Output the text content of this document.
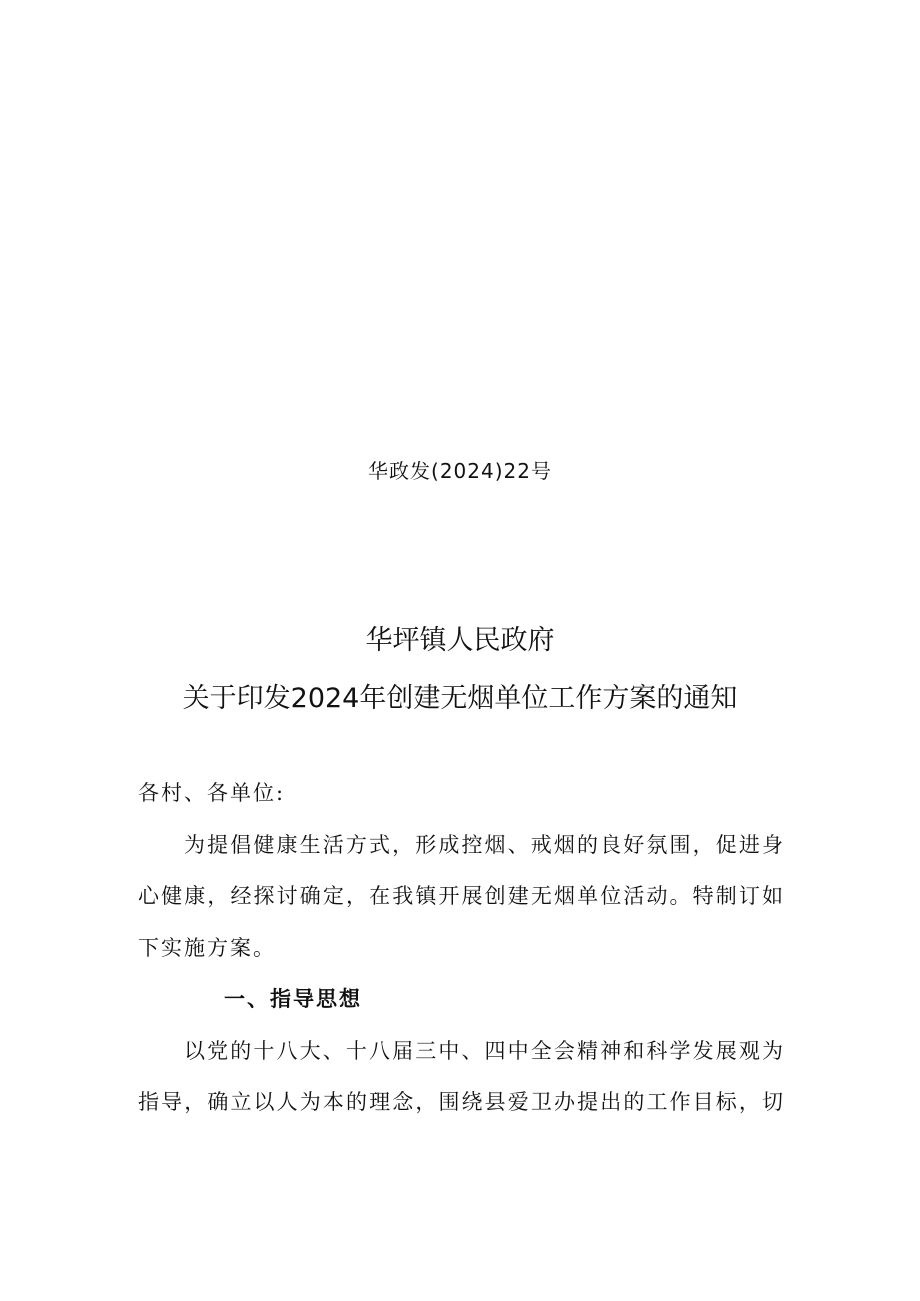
华政发(2024)22号

华坪镇人民政府
关于印发2024年创建无烟单位工作方案的通知
各村、各单位:
为提倡健康生活方式，形成控烟、戒烟的良好氛围，促进身
心健康，经探讨确定，在我镇开展创建无烟单位活动。特制订如
下实施方案。
一、指导思想
以党的十八大、十八届三中、四中全会精神和科学发展观为
指导，确立以人为本的理念，围绕县爱卫办提出的工作目标，切
